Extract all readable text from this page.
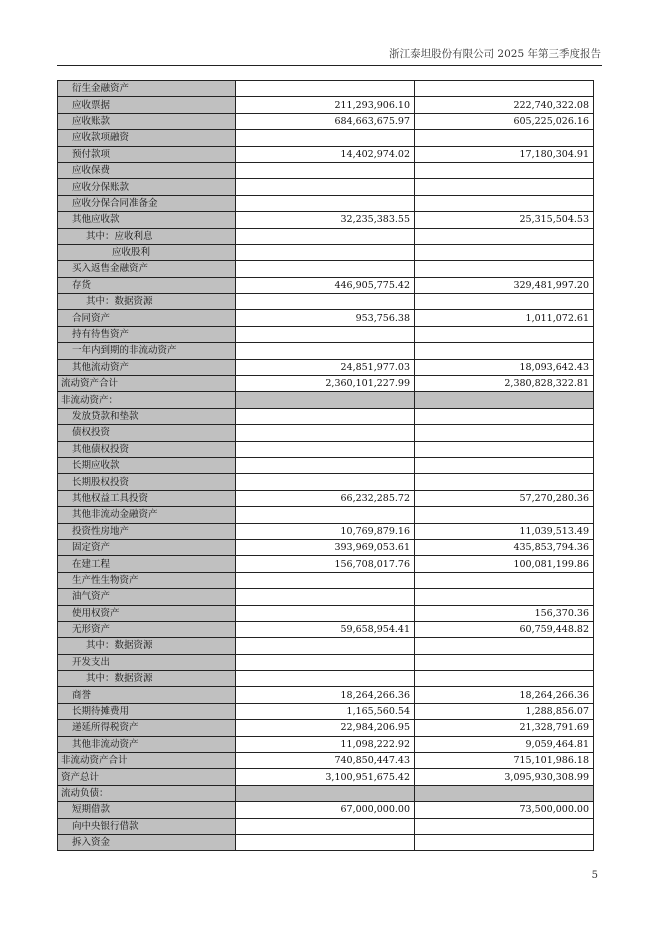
浙江泰坦股份有限公司 2025 年第三季度报告
衍生金融资产		
应收票据	211,293,906.10	222,740,322.08
应收账款	684,663,675.97	605,225,026.16
应收款项融资		
预付款项	14,402,974.02	17,180,304.91
应收保费		
应收分保账款		
应收分保合同准备金		
其他应收款	32,235,383.55	25,315,504.53
其中：应收利息		
应收股利		
买入返售金融资产		
存货	446,905,775.42	329,481,997.20
其中：数据资源		
合同资产	953,756.38	1,011,072.61
持有待售资产		
一年内到期的非流动资产		
其他流动资产	24,851,977.03	18,093,642.43
流动资产合计	2,360,101,227.99	2,380,828,322.81
非流动资产：		
发放贷款和垫款		
债权投资		
其他债权投资		
长期应收款		
长期股权投资		
其他权益工具投资	66,232,285.72	57,270,280.36
其他非流动金融资产		
投资性房地产	10,769,879.16	11,039,513.49
固定资产	393,969,053.61	435,853,794.36
在建工程	156,708,017.76	100,081,199.86
生产性生物资产		
油气资产		
使用权资产		156,370.36
无形资产	59,658,954.41	60,759,448.82
其中：数据资源		
开发支出		
其中：数据资源		
商誉	18,264,266.36	18,264,266.36
长期待摊费用	1,165,560.54	1,288,856.07
递延所得税资产	22,984,206.95	21,328,791.69
其他非流动资产	11,098,222.92	9,059,464.81
非流动资产合计	740,850,447.43	715,101,986.18
资产总计	3,100,951,675.42	3,095,930,308.99
流动负债：		
短期借款	67,000,000.00	73,500,000.00
向中央银行借款		
拆入资金		
5
